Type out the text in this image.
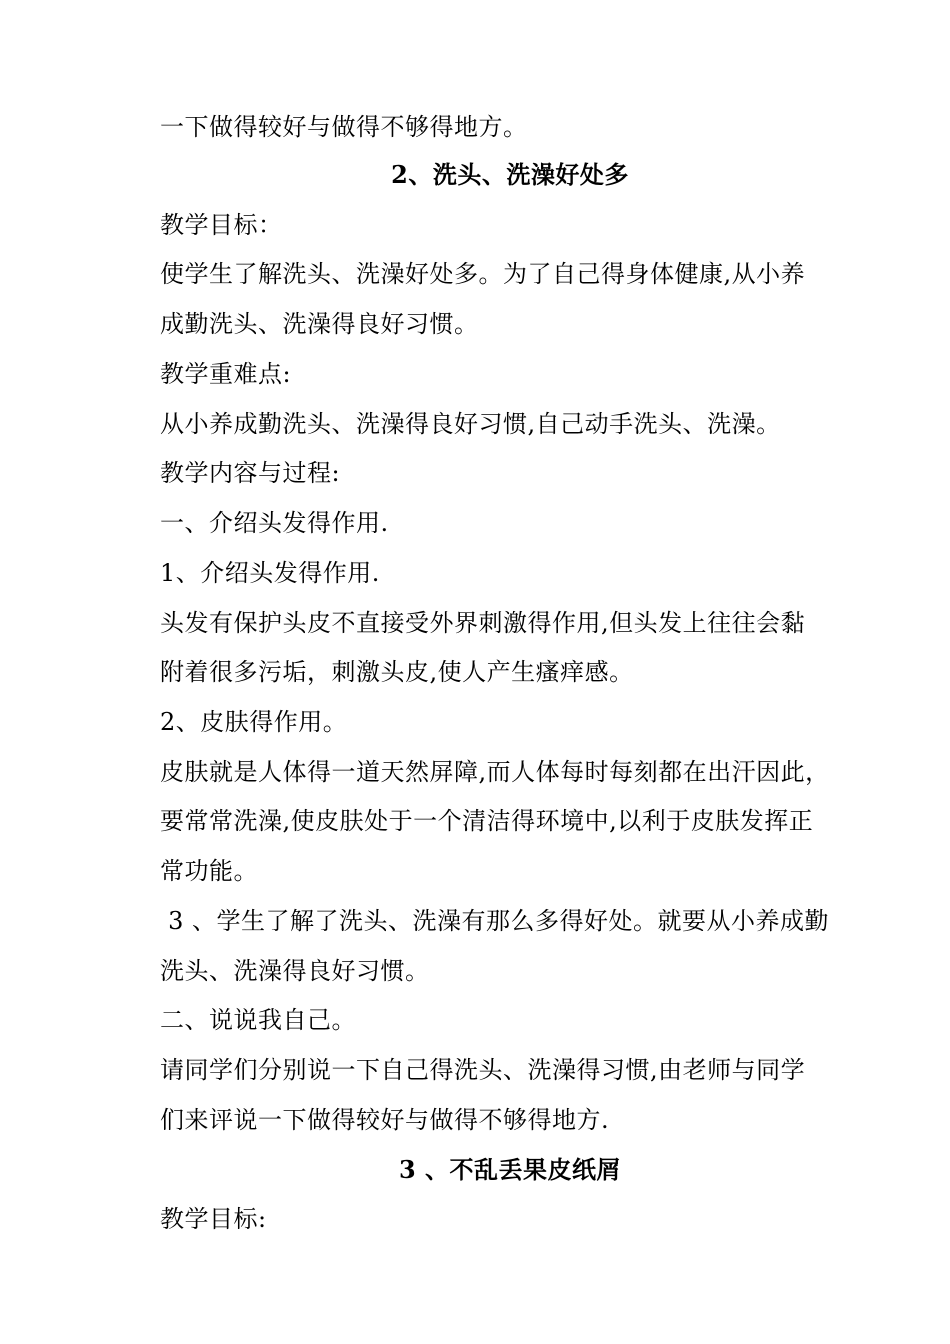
一下做得较好与做得不够得地方。
2、洗头、洗澡好处多
教学目标：
使学生了解洗头、洗澡好处多。为了自己得身体健康,从小养
成勤洗头、洗澡得良好习惯。
教学重难点:
从小养成勤洗头、洗澡得良好习惯,自己动手洗头、洗澡。
教学内容与过程:
一、介绍头发得作用.
1、介绍头发得作用.
头发有保护头皮不直接受外界刺激得作用,但头发上往往会黏
附着很多污垢，刺激头皮,使人产生瘙痒感。
2、皮肤得作用。
皮肤就是人体得一道天然屏障,而人体每时每刻都在出汗因此，
要常常洗澡,使皮肤处于一个清洁得环境中,以利于皮肤发挥正
常功能。
3 、学生了解了洗头、洗澡有那么多得好处。就要从小养成勤
洗头、洗澡得良好习惯。
二、说说我自己。
请同学们分别说一下自己得洗头、洗澡得习惯,由老师与同学
们来评说一下做得较好与做得不够得地方.
3 、不乱丢果皮纸屑
教学目标:
